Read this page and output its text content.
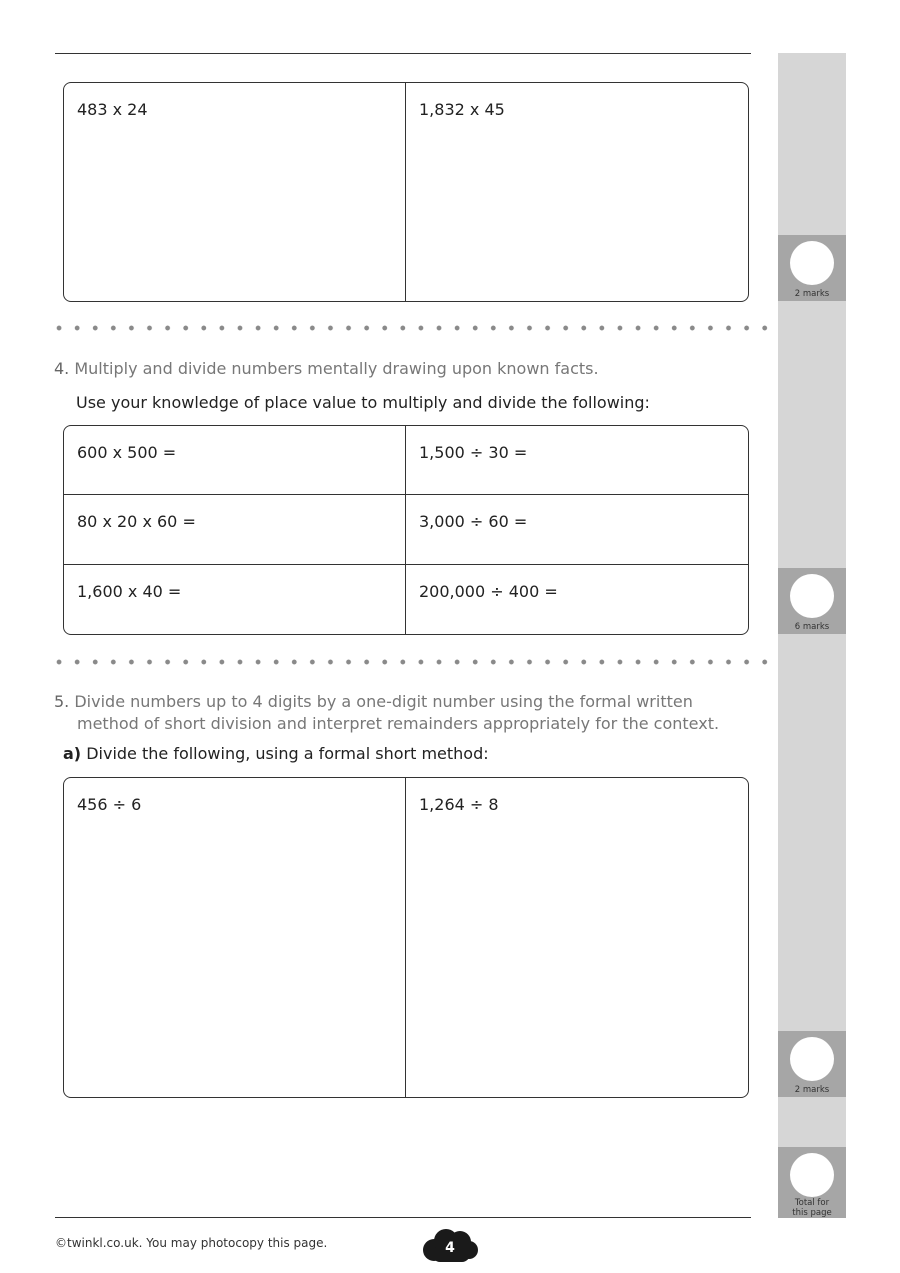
2 marks
6 marks
2 marks
Total for this page
483 x 24	1,832 x 45
4. Multiply and divide numbers mentally drawing upon known facts.
Use your knowledge of place value to multiply and divide the following:
600 x 500 =	1,500 ÷ 30 =
80 x 20 x 60 =	3,000 ÷ 60 =
1,600 x 40 =	200,000 ÷ 400 =
5. Divide numbers up to 4 digits by a one-digit number using the formal written
method of short division and interpret remainders appropriately for the context.
a) Divide the following, using a formal short method:
456 ÷ 6	1,264 ÷ 8
©twinkl.co.uk. You may photocopy this page.	4
